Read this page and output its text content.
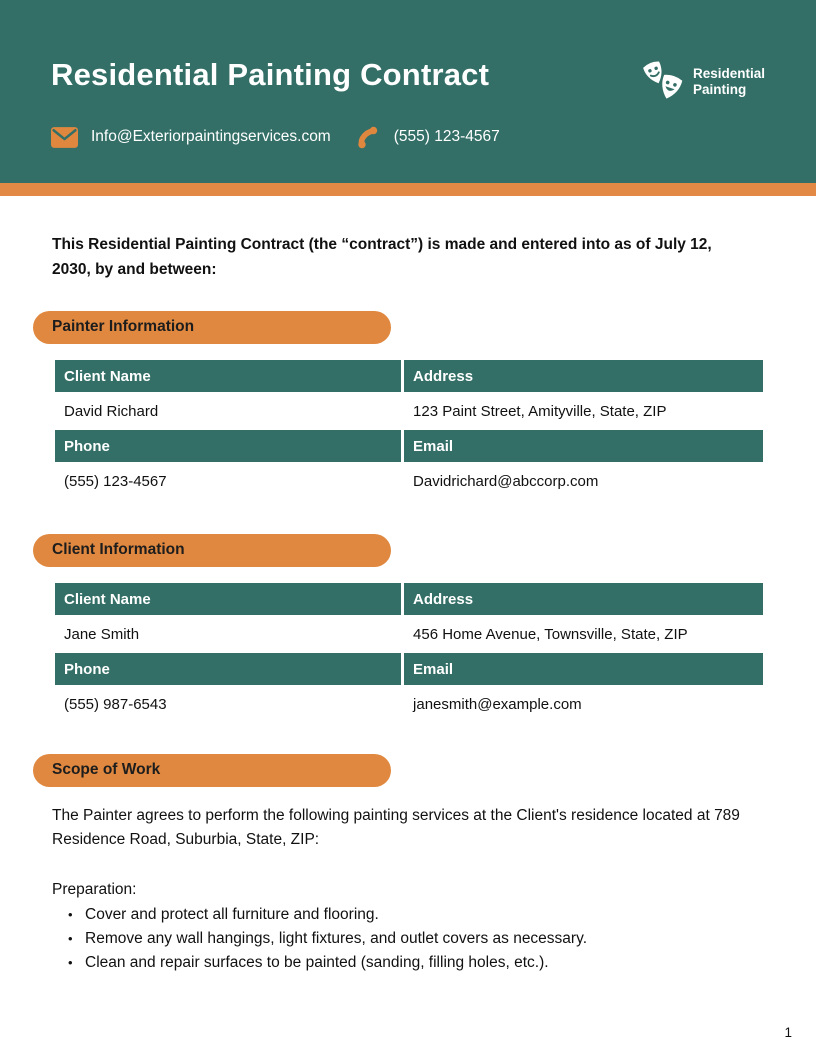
Residential Painting Contract	Residential
Painting
Info@Exteriorpaintingservices.com	(555) 123-4567

This Residential Painting Contract (the “contract”) is made and entered into as of July 12, 2030, by and between:

Painter Information
Client Name	Address
David Richard	123 Paint Street, Amityville, State, ZIP
Phone	Email
(555) 123-4567	Davidrichard@abccorp.com
Client Information
Client Name	Address
Jane Smith	456 Home Avenue, Townsville, State, ZIP
Phone	Email
(555) 987-6543	janesmith@example.com
Scope of Work

The Painter agrees to perform the following painting services at the Client's residence located at 789 Residence Road, Suburbia, State, ZIP:

Preparation:

• Cover and protect all furniture and flooring.
• Remove any wall hangings, light fixtures, and outlet covers as necessary.
• Clean and repair surfaces to be painted (sanding, filling holes, etc.).
1
